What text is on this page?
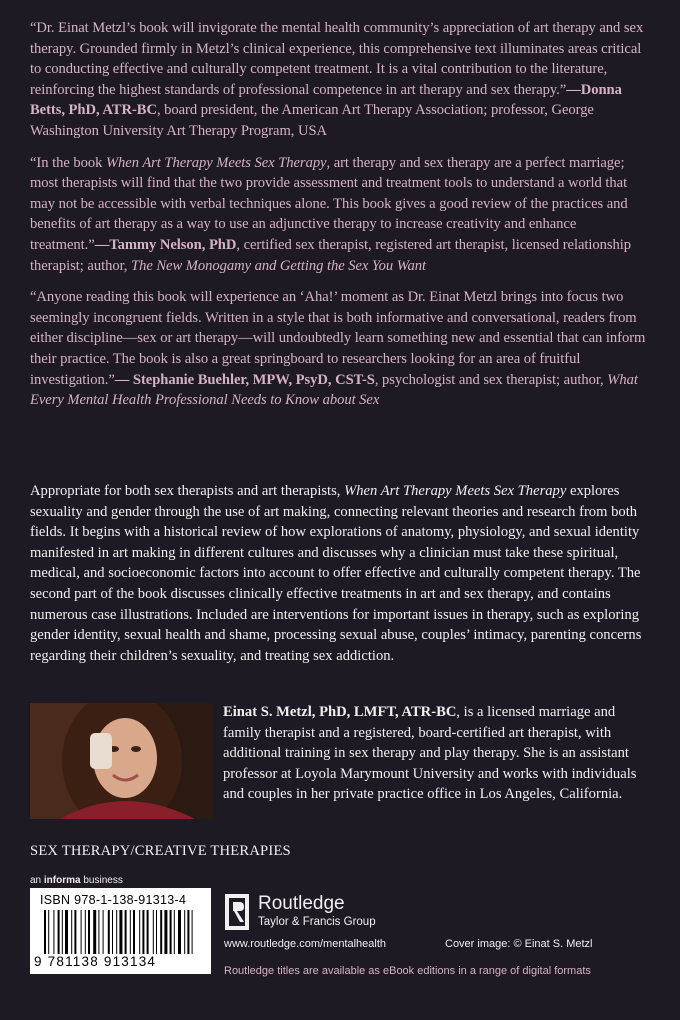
“Dr. Einat Metzl’s book will invigorate the mental health community’s appreciation of art therapy and sex therapy. Grounded firmly in Metzl’s clinical experience, this comprehensive text illuminates areas critical to conducting effective and culturally competent treatment. It is a vital contribution to the literature, reinforcing the highest standards of professional competence in art therapy and sex therapy.”—Donna Betts, PhD, ATR-BC, board president, the American Art Therapy Association; professor, George Washington University Art Therapy Program, USA

“In the book When Art Therapy Meets Sex Therapy, art therapy and sex therapy are a perfect marriage; most therapists will find that the two provide assessment and treatment tools to understand a world that may not be accessible with verbal techniques alone. This book gives a good review of the practices and benefits of art therapy as a way to use an adjunctive therapy to increase creativity and enhance treatment.”—Tammy Nelson, PhD, certified sex therapist, registered art therapist, licensed relationship therapist; author, The New Monogamy and Getting the Sex You Want

“Anyone reading this book will experience an ‘Aha!’ moment as Dr. Einat Metzl brings into focus two seemingly incongruent fields. Written in a style that is both informative and conversational, readers from either discipline—sex or art therapy—will undoubtedly learn something new and essential that can inform their practice. The book is also a great springboard to researchers looking for an area of fruitful investigation.”— Stephanie Buehler, MPW, PsyD, CST-S, psychologist and sex therapist; author, What Every Mental Health Professional Needs to Know about Sex

Appropriate for both sex therapists and art therapists, When Art Therapy Meets Sex Therapy explores sexuality and gender through the use of art making, connecting relevant theories and research from both fields. It begins with a historical review of how explorations of anatomy, physiology, and sexual identity manifested in art making in different cultures and discusses why a clinician must take these spiritual, medical, and socioeconomic factors into account to offer effective and culturally competent therapy. The second part of the book discusses clinically effective treatments in art and sex therapy, and contains numerous case illustrations. Included are interventions for important issues in therapy, such as exploring gender identity, sexual health and shame, processing sexual abuse, couples’ intimacy, parenting concerns regarding their children’s sexuality, and treating sex addiction.

Einat S. Metzl, PhD, LMFT, ATR-BC, is a licensed marriage and family therapist and a registered, board-certified art therapist, with additional training in sex therapy and play therapy. She is an assistant professor at Loyola Marymount University and works with individuals and couples in her private practice office in Los Angeles, California.

SEX THERAPY/CREATIVE THERAPIES
an informa business
ISBN 978-1-138-91313-4
9 781138 913134
Routledge
Taylor & Francis Group
www.routledge.com/mentalhealth	Cover image: © Einat S. Metzl
Routledge titles are available as eBook editions in a range of digital formats
